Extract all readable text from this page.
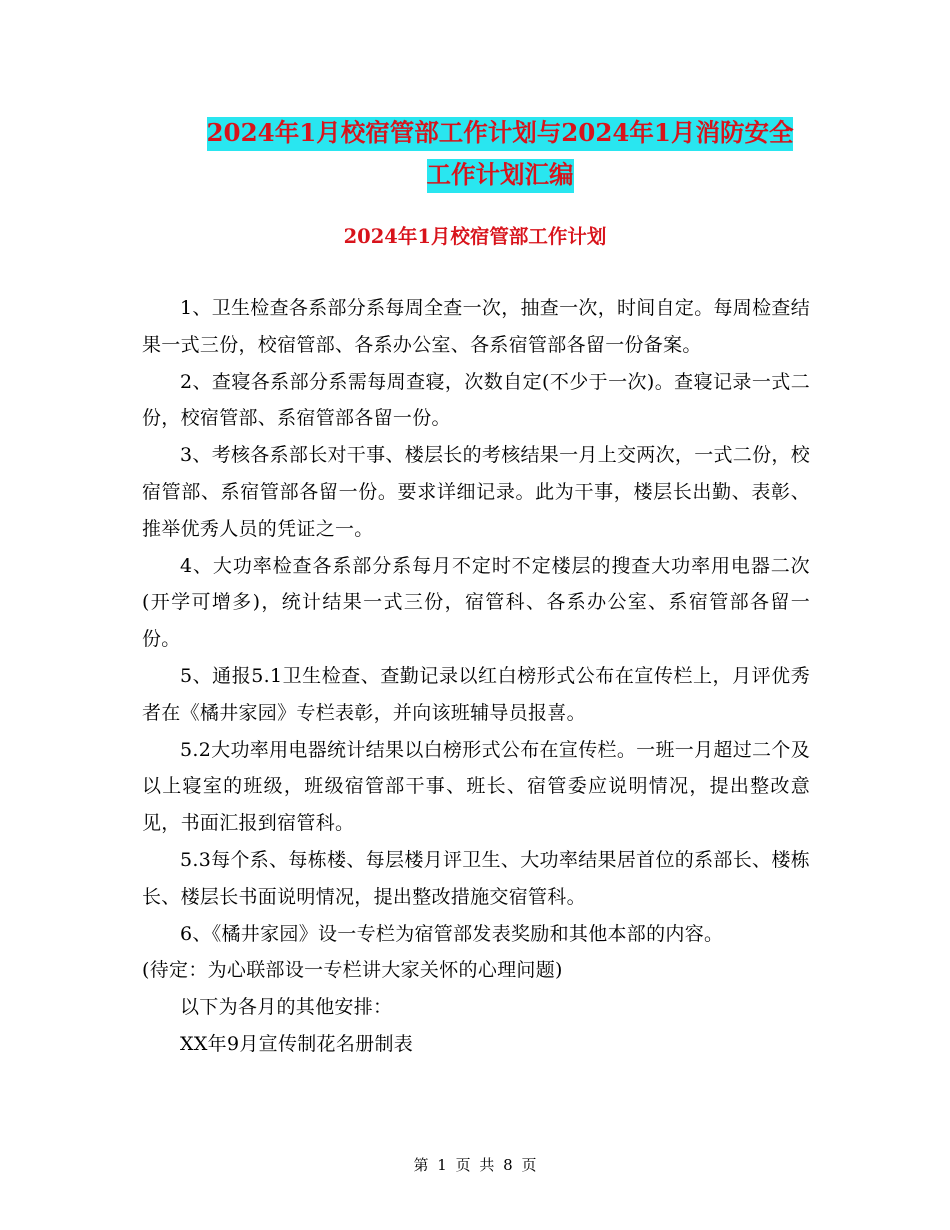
2024年1月校宿管部工作计划与2024年1月消防安全
工作计划汇编
2024年1月校宿管部工作计划

1、卫生检查各系部分系每周全查一次，抽查一次，时间自定。每周检查结果一式三份，校宿管部、各系办公室、各系宿管部各留一份备案。

2、查寝各系部分系需每周查寝，次数自定(不少于一次)。查寝记录一式二份，校宿管部、系宿管部各留一份。

3、考核各系部长对干事、楼层长的考核结果一月上交两次，一式二份，校宿管部、系宿管部各留一份。要求详细记录。此为干事，楼层长出勤、表彰、推举优秀人员的凭证之一。

4、大功率检查各系部分系每月不定时不定楼层的搜查大功率用电器二次(开学可增多)，统计结果一式三份，宿管科、各系办公室、系宿管部各留一份。

5、通报5.1卫生检查、查勤记录以红白榜形式公布在宣传栏上，月评优秀者在《橘井家园》专栏表彰，并向该班辅导员报喜。

5.2大功率用电器统计结果以白榜形式公布在宣传栏。一班一月超过二个及以上寝室的班级，班级宿管部干事、班长、宿管委应说明情况，提出整改意见，书面汇报到宿管科。

5.3每个系、每栋楼、每层楼月评卫生、大功率结果居首位的系部长、楼栋长、楼层长书面说明情况，提出整改措施交宿管科。

6、《橘井家园》设一专栏为宿管部发表奖励和其他本部的内容。

(待定：为心联部设一专栏讲大家关怀的心理问题)

以下为各月的其他安排：

XX年9月宣传制花名册制表

第 1 页 共 8 页
